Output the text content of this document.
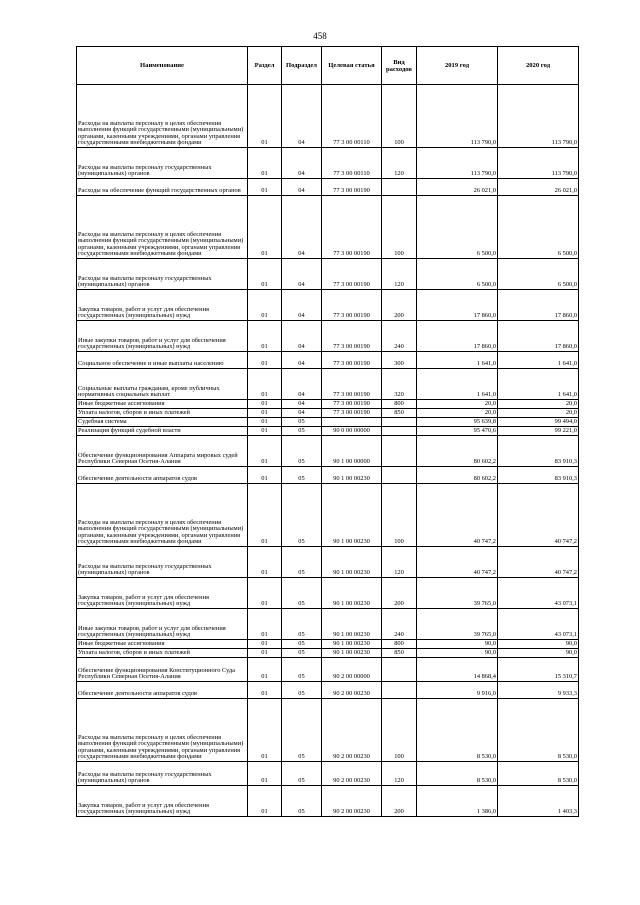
458
Наименование	Раздел	Подраздел	Целевая статья	Вид расходов	2019 год	2020 год
Расходы на выплаты персоналу в целях обеспечения выполнения функций государственными (муниципальными) органами, казенными учреждениями, органами управления государственными внебюджетными фондами	01	04	77 3 00 00110	100	113 790,0	113 790,0
Расходы на выплаты персоналу государственных (муниципальных) органов	01	04	77 3 00 00110	120	113 790,0	113 790,0
Расходы на обеспечение функций государственных органов	01	04	77 3 00 00190		26 021,0	26 021,0
Расходы на выплаты персоналу в целях обеспечения выполнения функций государственными (муниципальными) органами, казенными учреждениями, органами управления государственными внебюджетными фондами	01	04	77 3 00 00190	100	6 500,0	6 500,0
Расходы на выплаты персоналу государственных (муниципальных) органов	01	04	77 3 00 00190	120	6 500,0	6 500,0
Закупка товаров, работ и услуг для обеспечения государственных (муниципальных) нужд	01	04	77 3 00 00190	200	17 860,0	17 860,0
Иные закупки товаров, работ и услуг для обеспечения государственных (муниципальных) нужд	01	04	77 3 00 00190	240	17 860,0	17 860,0
Социальное обеспечение и иные выплаты населению	01	04	77 3 00 00190	300	1 641,0	1 641,0
Социальные выплаты гражданам, кроме публичных нормативных социальных выплат	01	04	77 3 00 00190	320	1 641,0	1 641,0
Иные бюджетные ассигнования	01	04	77 3 00 00190	800	20,0	20,0
Уплата налогов, сборов и иных платежей	01	04	77 3 00 00190	850	20,0	20,0
Судебная система	01	05			95 639,8	99 494,0
Реализация функций судебной власти	01	05	90 0 00 00000		95 470,6	99 221,0
Обеспечение функционирования Аппарата мировых судей Республики Северная Осетия-Алания	01	05	90 1 00 00000		80 602,2	83 910,3
Обеспечение деятельности аппаратов судов	01	05	90 1 00 00230		80 602,2	83 910,3
Расходы на выплаты персоналу в целях обеспечения выполнения функций государственными (муниципальными) органами, казенными учреждениями, органами управления государственными внебюджетными фондами	01	05	90 1 00 00230	100	40 747,2	40 747,2
Расходы на выплаты персоналу государственных (муниципальных) органов	01	05	90 1 00 00230	120	40 747,2	40 747,2
Закупка товаров, работ и услуг для обеспечения государственных (муниципальных) нужд	01	05	90 1 00 00230	200	39 765,0	43 073,1
Иные закупки товаров, работ и услуг для обеспечения государственных (муниципальных) нужд	01	05	90 1 00 00230	240	39 765,0	43 073,1
Иные бюджетные ассигнования	01	05	90 1 00 00230	800	90,0	90,0
Уплата налогов, сборов и иных платежей	01	05	90 1 00 00230	850	90,0	90,0
Обеспечение функционирования Конституционного Суда Республики Северная Осетия-Алания	01	05	90 2 00 00000		14 868,4	15 310,7
Обеспечение деятельности аппаратов судов	01	05	90 2 00 00230		9 916,0	9 933,3
Расходы на выплаты персоналу в целях обеспечения выполнения функций государственными (муниципальными) органами, казенными учреждениями, органами управления государственными внебюджетными фондами	01	05	90 2 00 00230	100	8 530,0	8 530,0
Расходы на выплаты персоналу государственных (муниципальных) органов	01	05	90 2 00 00230	120	8 530,0	8 530,0
Закупка товаров, работ и услуг для обеспечения государственных (муниципальных) нужд	01	05	90 2 00 00230	200	1 386,0	1 403,3
